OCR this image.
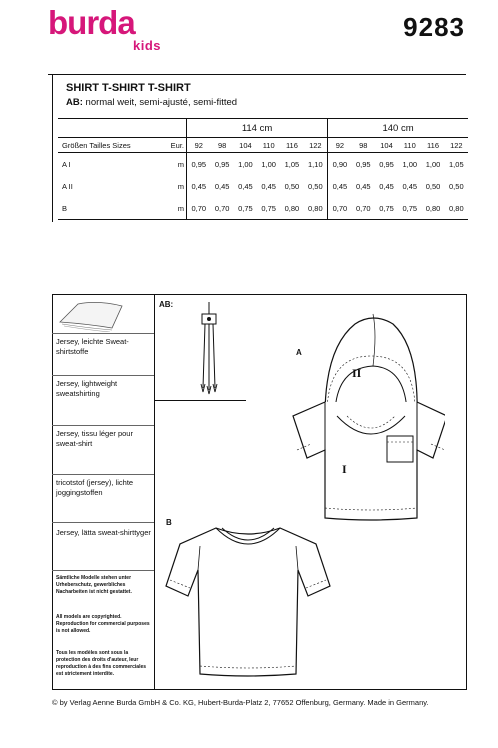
burda
kids
9283
SHIRT T-SHIRT T-SHIRT
AB: normal weit, semi-ajusté, semi-fitted
		114 cm						140 cm					
Größen Tailles Sizes	Eur.	92	98	104	110	116	122	92	98	104	110	116	122
A I	m	0,95	0,95	1,00	1,00	1,05	1,10	0,90	0,95	0,95	1,00	1,00	1,05
A II	m	0,45	0,45	0,45	0,45	0,50	0,50	0,45	0,45	0,45	0,45	0,50	0,50
B	m	0,70	0,70	0,75	0,75	0,80	0,80	0,70	0,70	0,75	0,75	0,80	0,80
Jersey, leichte Sweat-shirtstoffe
Jersey, lightweight sweatshirting
Jersey, tissu léger pour sweat-shirt
tricotstof (jersey), lichte joggingstoffen
Jersey, lätta sweat-shirttyger
Sämtliche Modelle stehen unter Urheberschutz, gewerbliches Nacharbeiten ist nicht gestattet.
All models are copyrighted. Reproduction for commercial purposes is not allowed.
Tous les modèles sont sous la protection des droits d'auteur, leur reproduction à des fins commerciales est strictement interdite.
AB:
A
II
I
B
© by Verlag Aenne Burda GmbH & Co. KG, Hubert-Burda-Platz 2, 77652 Offenburg, Germany. Made in Germany.
